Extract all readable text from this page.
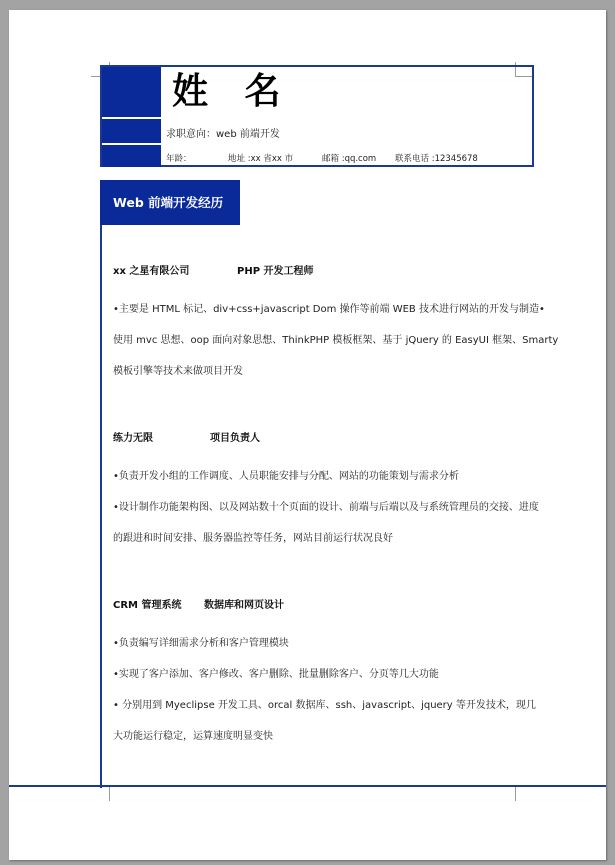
姓 名
求职意向：web 前端开发
年龄：	地址 :xx 省xx 市	邮箱 :qq.com 联系电话 :12345678
Web 前端开发经历
xx 之星有限公司	PHP 开发工程师
•主要是 HTML 标记、div+css+javascript Dom 操作等前端 WEB 技术进行网站的开发与制造•
使用 mvc 思想、oop 面向对象思想、ThinkPHP 模板框架、基于 jQuery 的 EasyUI 框架、Smarty
模板引擎等技术来做项目开发
练力无限	项目负责人
•负责开发小组的工作调度、人员职能安排与分配、网站的功能策划与需求分析
•设计制作功能架构图、以及网站数十个页面的设计、前端与后端以及与系统管理员的交接、进度
的跟进和时间安排、服务器监控等任务，网站目前运行状况良好
CRM 管理系统 数据库和网页设计
•负责编写详细需求分析和客户管理模块
•实现了客户添加、客户修改、客户删除、批量删除客户、分页等几大功能
• 分别用到 Myeclipse 开发工具、orcal 数据库、ssh、javascript、jquery 等开发技术，现几
大功能运行稳定，运算速度明显变快
